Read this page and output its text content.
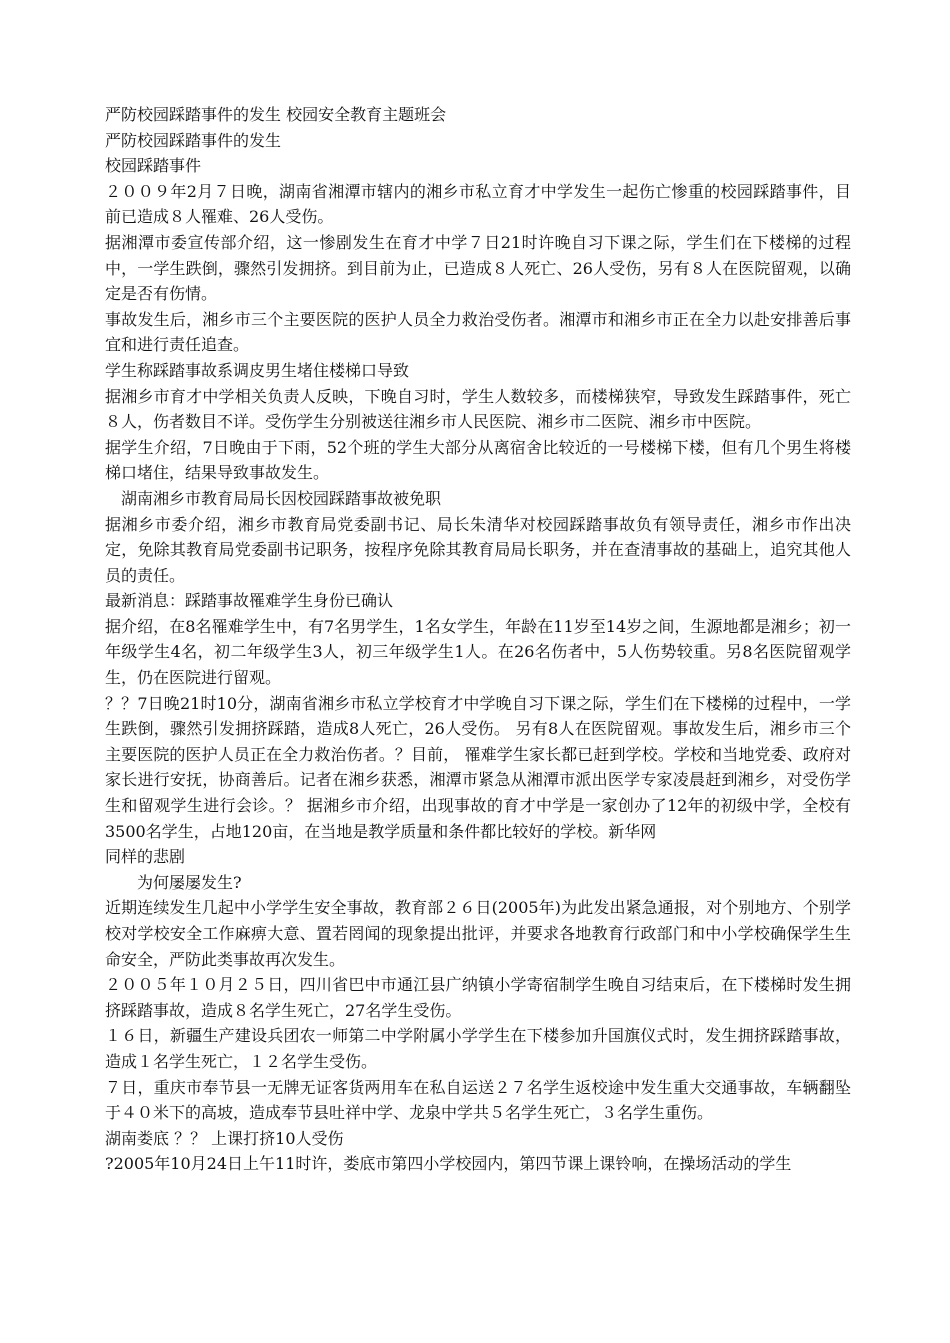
严防校园踩踏事件的发生 校园安全教育主题班会
严防校园踩踏事件的发生
校园踩踏事件
２００９年2月７日晚，湖南省湘潭市辖内的湘乡市私立育才中学发生一起伤亡惨重的校园踩踏事件，目前已造成８人罹难、26人受伤。
据湘潭市委宣传部介绍，这一惨剧发生在育才中学７日21时许晚自习下课之际，学生们在下楼梯的过程中，一学生跌倒，骤然引发拥挤。到目前为止，已造成８人死亡、26人受伤，另有８人在医院留观，以确定是否有伤情。
事故发生后，湘乡市三个主要医院的医护人员全力救治受伤者。湘潭市和湘乡市正在全力以赴安排善后事宜和进行责任追查。
学生称踩踏事故系调皮男生堵住楼梯口导致
据湘乡市育才中学相关负责人反映，下晚自习时，学生人数较多，而楼梯狭窄，导致发生踩踏事件，死亡８人，伤者数目不详。受伤学生分别被送往湘乡市人民医院、湘乡市二医院、湘乡市中医院。
据学生介绍，7日晚由于下雨，52个班的学生大部分从离宿舍比较近的一号楼梯下楼，但有几个男生将楼梯口堵住，结果导致事故发生。
湖南湘乡市教育局局长因校园踩踏事故被免职
据湘乡市委介绍，湘乡市教育局党委副书记、局长朱清华对校园踩踏事故负有领导责任，湘乡市作出决定，免除其教育局党委副书记职务，按程序免除其教育局局长职务，并在查清事故的基础上，追究其他人员的责任。
最新消息：踩踏事故罹难学生身份已确认
据介绍，在8名罹难学生中，有7名男学生，1名女学生，年龄在11岁至14岁之间，生源地都是湘乡；初一年级学生4名，初二年级学生3人，初三年级学生1人。在26名伤者中，5人伤势较重。另8名医院留观学生，仍在医院进行留观。
？？7日晚21时10分，湖南省湘乡市私立学校育才中学晚自习下课之际，学生们在下楼梯的过程中，一学生跌倒，骤然引发拥挤踩踏，造成8人死亡，26人受伤。 另有8人在医院留观。事故发生后，湘乡市三个主要医院的医护人员正在全力救治伤者。？目前， 罹难学生家长都已赶到学校。学校和当地党委、政府对家长进行安抚，协商善后。记者在湘乡获悉，湘潭市紧急从湘潭市派出医学专家凌晨赶到湘乡，对受伤学生和留观学生进行会诊。？ 据湘乡市介绍，出现事故的育才中学是一家创办了12年的初级中学，全校有3500名学生，占地120亩，在当地是教学质量和条件都比较好的学校。新华网
同样的悲剧
为何屡屡发生?
近期连续发生几起中小学学生安全事故，教育部２６日(2005年)为此发出紧急通报，对个别地方、个别学校对学校安全工作麻痹大意、置若罔闻的现象提出批评，并要求各地教育行政部门和中小学校确保学生生命安全，严防此类事故再次发生。
２００５年１０月２５日，四川省巴中市通江县广纳镇小学寄宿制学生晚自习结束后，在下楼梯时发生拥挤踩踏事故，造成８名学生死亡，27名学生受伤。
１６日，新疆生产建设兵团农一师第二中学附属小学学生在下楼参加升国旗仪式时，发生拥挤踩踏事故，造成１名学生死亡，１２名学生受伤。
７日，重庆市奉节县一无牌无证客货两用车在私自运送２７名学生返校途中发生重大交通事故，车辆翻坠于４０米下的高坡，造成奉节县吐祥中学、龙泉中学共５名学生死亡，３名学生重伤。
湖南娄底 ？？ 上课打挤10人受伤
?2005年10月24日上午11时许，娄底市第四小学校园内，第四节课上课铃响，在操场活动的学生
